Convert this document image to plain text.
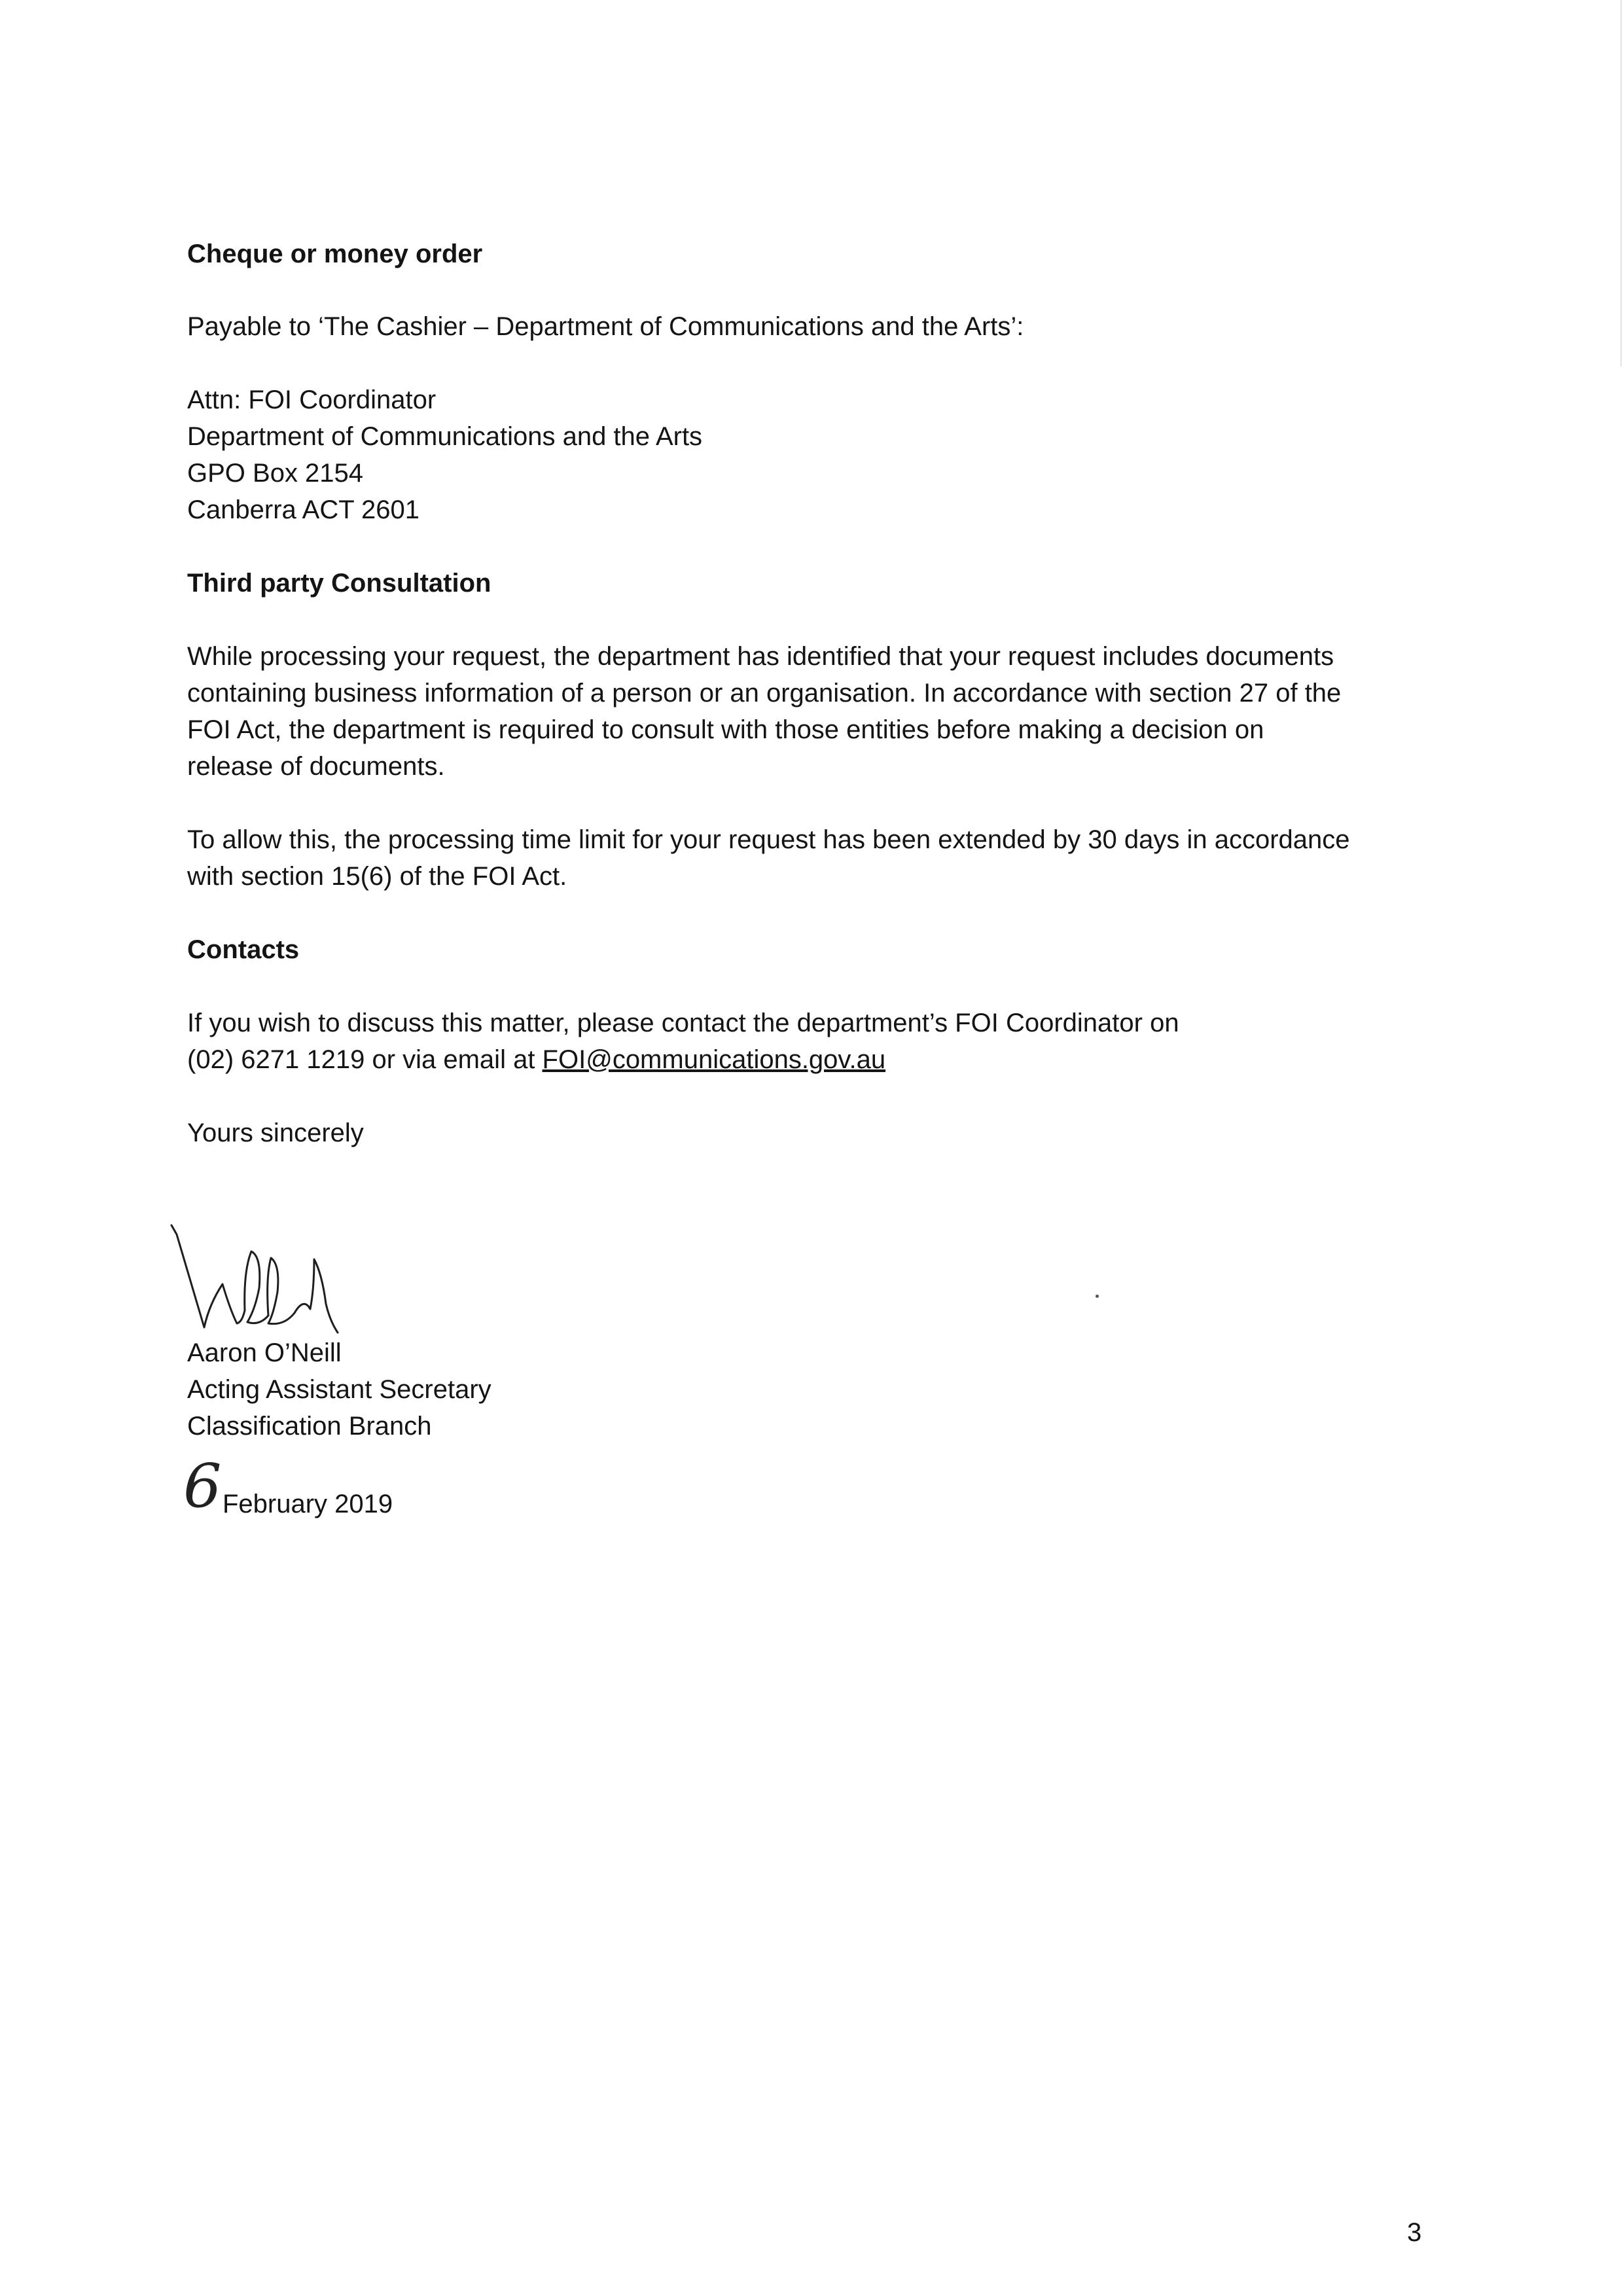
Cheque or money order

Payable to ‘The Cashier – Department of Communications and the Arts’:

Attn: FOI Coordinator

Department of Communications and the Arts

GPO Box 2154

Canberra ACT 2601

Third party Consultation

While processing your request, the department has identified that your request includes documents

containing business information of a person or an organisation. In accordance with section 27 of the

FOI Act, the department is required to consult with those entities before making a decision on

release of documents.

To allow this, the processing time limit for your request has been extended by 30 days in accordance

with section 15(6) of the FOI Act.

Contacts

If you wish to discuss this matter, please contact the department’s FOI Coordinator on

(02) 6271 1219 or via email at FOI@communications.gov.au

Yours sincerely

Aaron O’Neill

Acting Assistant Secretary

Classification Branch

6 February 2019
3
